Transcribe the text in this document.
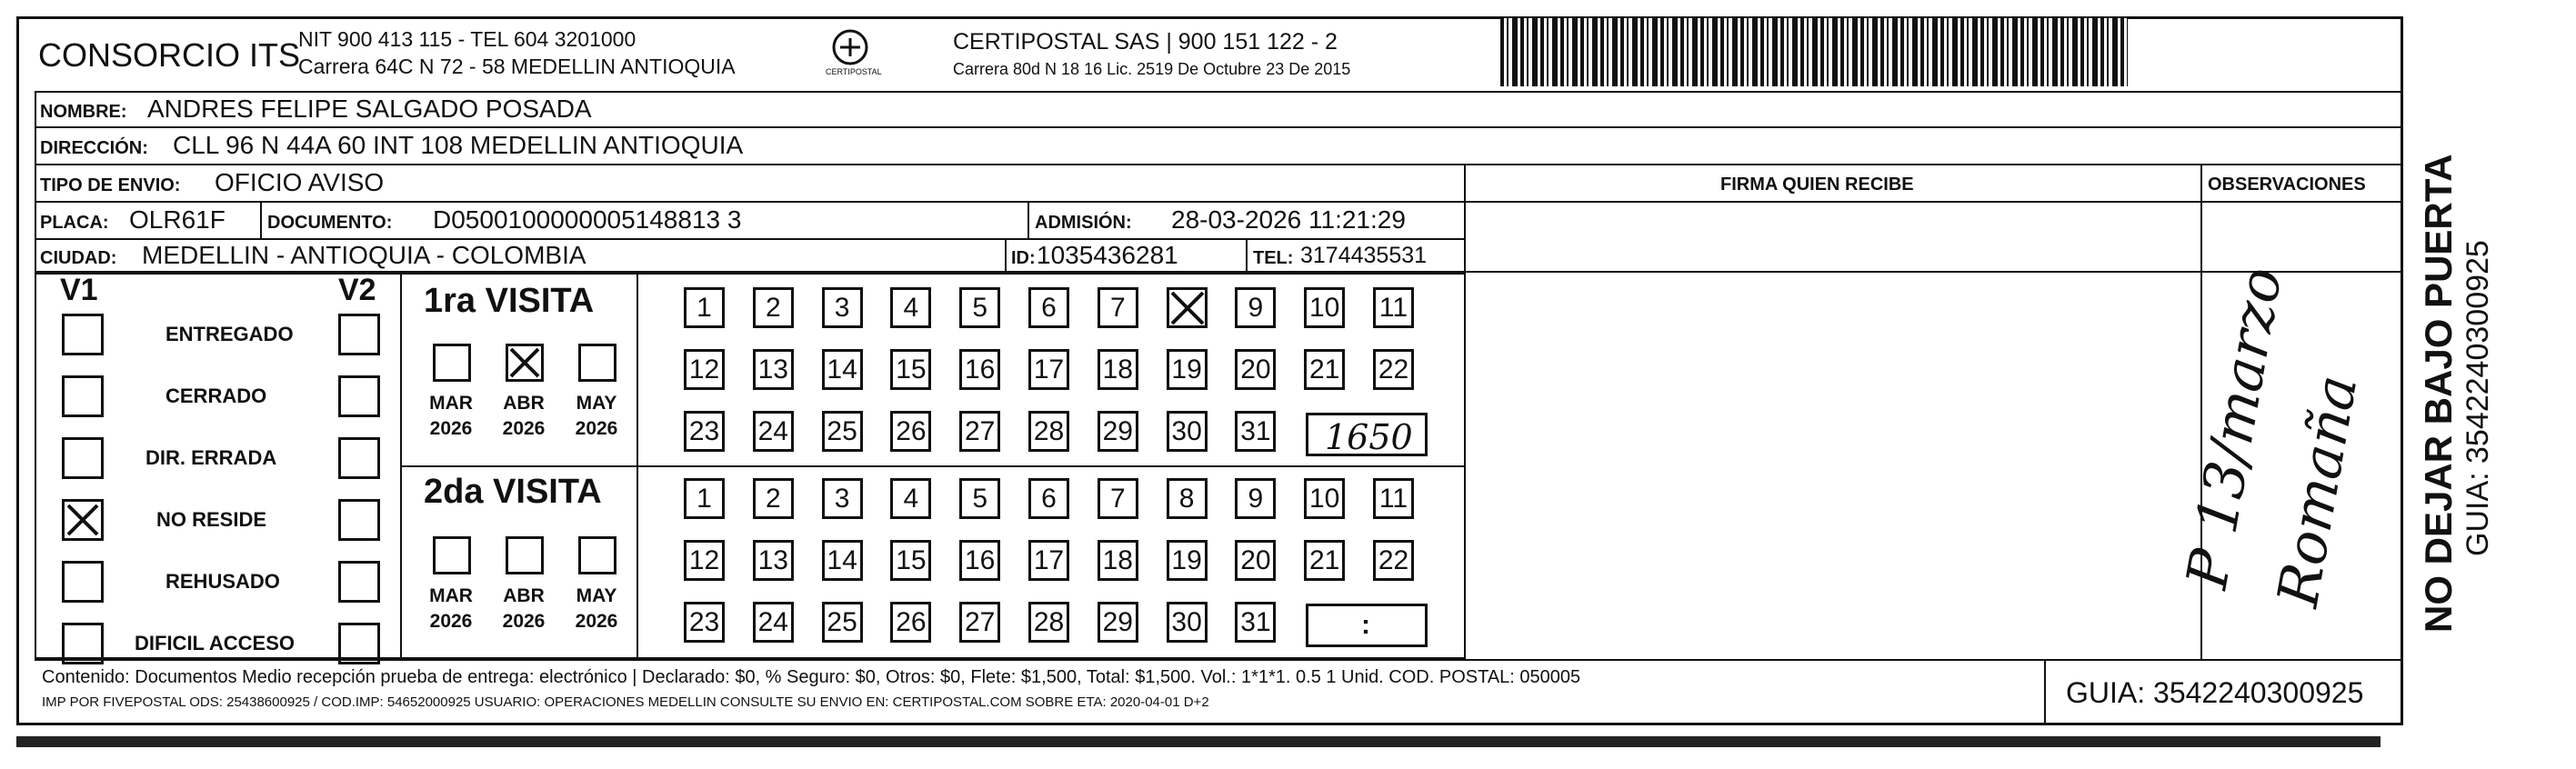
CONSORCIO ITS
NIT 900 413 115 - TEL 604 3201000
Carrera 64C N 72 - 58 MEDELLIN ANTIOQUIA	CERTIPOSTAL
CERTIPOSTAL SAS | 900 151 122 - 2
Carrera 80d N 18 16 Lic. 2519 De Octubre 23 De 2015
NOMBRE: ANDRES FELIPE SALGADO POSADA
DIRECCIÓN: CLL 96 N 44A 60 INT 108 MEDELLIN ANTIOQUIA
TIPO DE ENVIO: OFICIO AVISO
PLACA: OLR61F DOCUMENTO: D0500100000005148813 3	ADMISIÓN: 28-03-2026 11:21:29
CIUDAD: MEDELLIN - ANTIOQUIA - COLOMBIA	ID: 1035436281	TEL: 3174435531
FIRMA QUIEN RECIBE	OBSERVACIONES
V1	V2
ENTREGADO
CERRADO
DIR. ERRADA
NO RESIDE
REHUSADO
DIFICIL ACCESO
1ra VISITA
2da VISITA
MAR
2026
ABR
2026
MAY
2026
MAR
2026
ABR
2026
MAY
2026
1	2	3	4	5	6	7	9	10 11
12 13 14 15 16 17 18 19 20 21 22
23 24 25 26 27 28 29 30 31
1	2	3	4	5	6	7	8	9	10 11
12 13 14 15 16 17 18 19 20 21 22
23 24 25 26 27 28 29 30 31
1650
:
P 13/marzo
Romaña
Contenido: Documentos Medio recepción prueba de entrega: electrónico | Declarado: $0, % Seguro: $0, Otros: $0, Flete: $1,500, Total: $1,500. Vol.: 1*1*1. 0.5 1 Unid. COD. POSTAL: 050005
IMP POR FIVEPOSTAL ODS: 25438600925 / COD.IMP: 54652000925 USUARIO: OPERACIONES MEDELLIN CONSULTE SU ENVIO EN: CERTIPOSTAL.COM SOBRE ETA: 2020-04-01 D+2	GUIA: 3542240300925
NO DEJAR BAJO PUERTA GUIA: 3542240300925
